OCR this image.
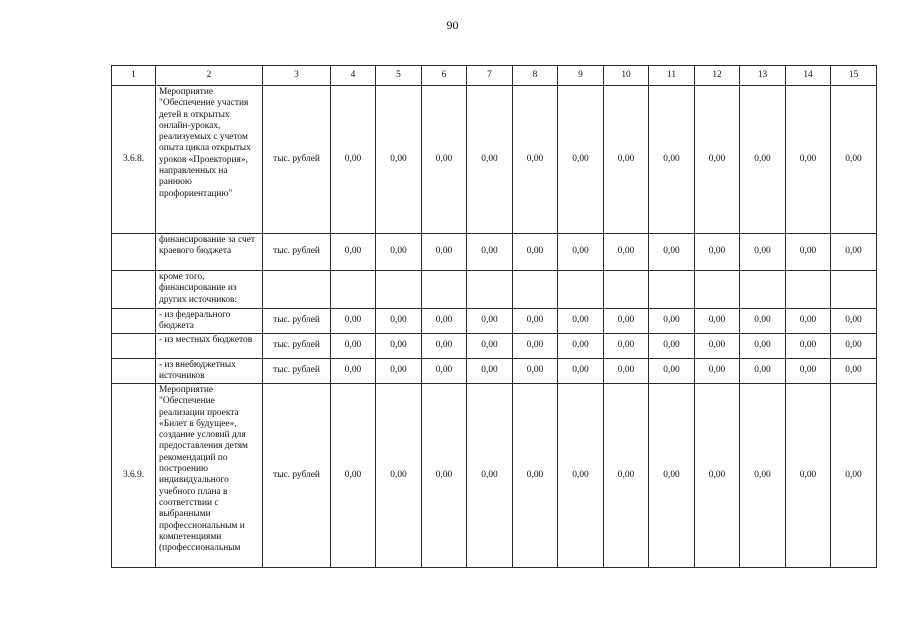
90
1	2	3	4	5	6	7	8	9	10	11	12	13	14	15
3.6.8.	Мероприятие "Обеспечение участия детей в открытых онлайн-уроках, реализуемых с учетом опыта цикла открытых уроков «Проектория», направленных на раннюю профориентацию"	тыс. рублей	0,00	0,00	0,00	0,00	0,00	0,00	0,00	0,00	0,00	0,00	0,00	0,00
	финансирование за счет краевого бюджета	тыс. рублей	0,00	0,00	0,00	0,00	0,00	0,00	0,00	0,00	0,00	0,00	0,00	0,00
	кроме того, финансирование из других источников:													
	- из федерального бюджета	тыс. рублей	0,00	0,00	0,00	0,00	0,00	0,00	0,00	0,00	0,00	0,00	0,00	0,00
	- из местных бюджетов	тыс. рублей	0,00	0,00	0,00	0,00	0,00	0,00	0,00	0,00	0,00	0,00	0,00	0,00
	- из внебюджетных источников	тыс. рублей	0,00	0,00	0,00	0,00	0,00	0,00	0,00	0,00	0,00	0,00	0,00	0,00
3.6.9.	Мероприятие "Обеспечение реализации проекта «Билет в будущее», создание условий для предоставления детям рекомендаций по построению индивидуального учебного плана в соответствии с выбранными профессиональным и компетенциями (профессиональным	тыс. рублей	0,00	0,00	0,00	0,00	0,00	0,00	0,00	0,00	0,00	0,00	0,00	0,00
